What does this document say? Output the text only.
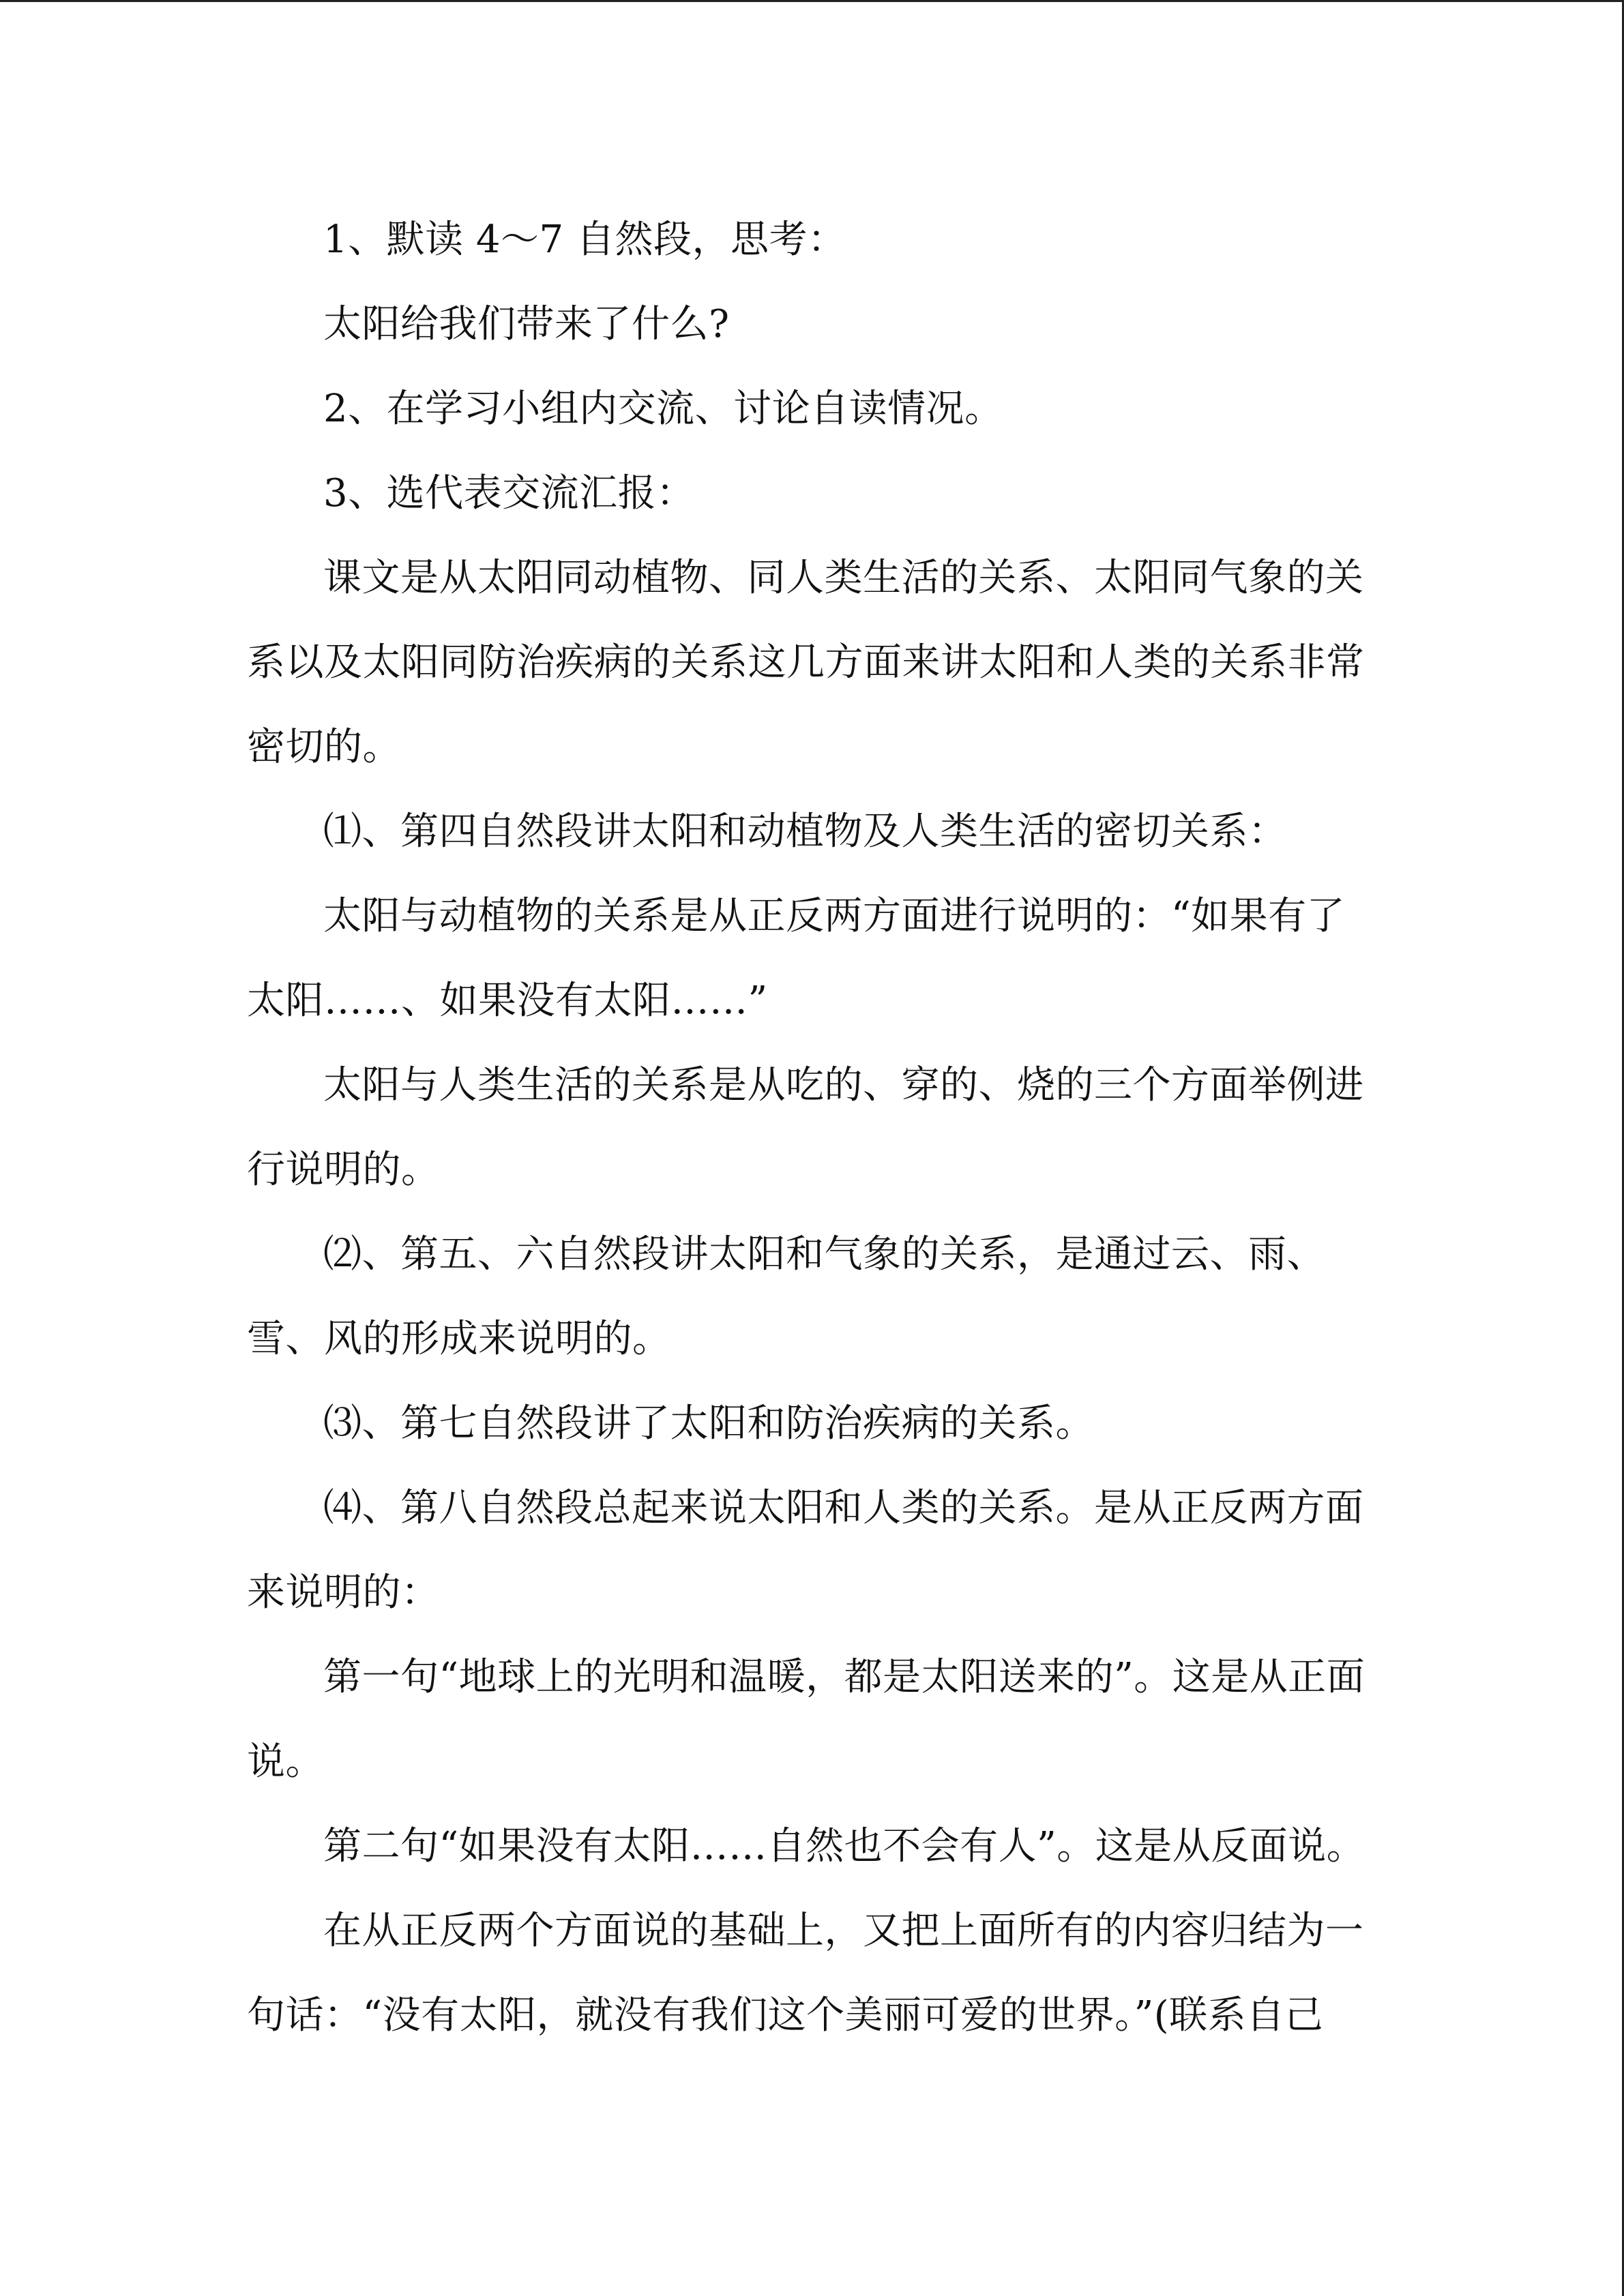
1、默读 4～7 自然段，思考：

太阳给我们带来了什么?

2、在学习小组内交流、讨论自读情况。

3、选代表交流汇报：

课文是从太阳同动植物、同人类生活的关系、太阳同气象的关系以及太阳同防治疾病的关系这几方面来讲太阳和人类的关系非常密切的。

⑴、第四自然段讲太阳和动植物及人类生活的密切关系：

太阳与动植物的关系是从正反两方面进行说明的：“如果有了太阳……、如果没有太阳……”

太阳与人类生活的关系是从吃的、穿的、烧的三个方面举例进行说明的。

⑵、第五、六自然段讲太阳和气象的关系，是通过云、雨、雪、风的形成来说明的。

⑶、第七自然段讲了太阳和防治疾病的关系。

⑷、第八自然段总起来说太阳和人类的关系。是从正反两方面来说明的：

第一句“地球上的光明和温暖，都是太阳送来的”。这是从正面说。

第二句“如果没有太阳……自然也不会有人”。这是从反面说。

在从正反两个方面说的基础上，又把上面所有的内容归结为一句话：“没有太阳，就没有我们这个美丽可爱的世界。”(联系自己
